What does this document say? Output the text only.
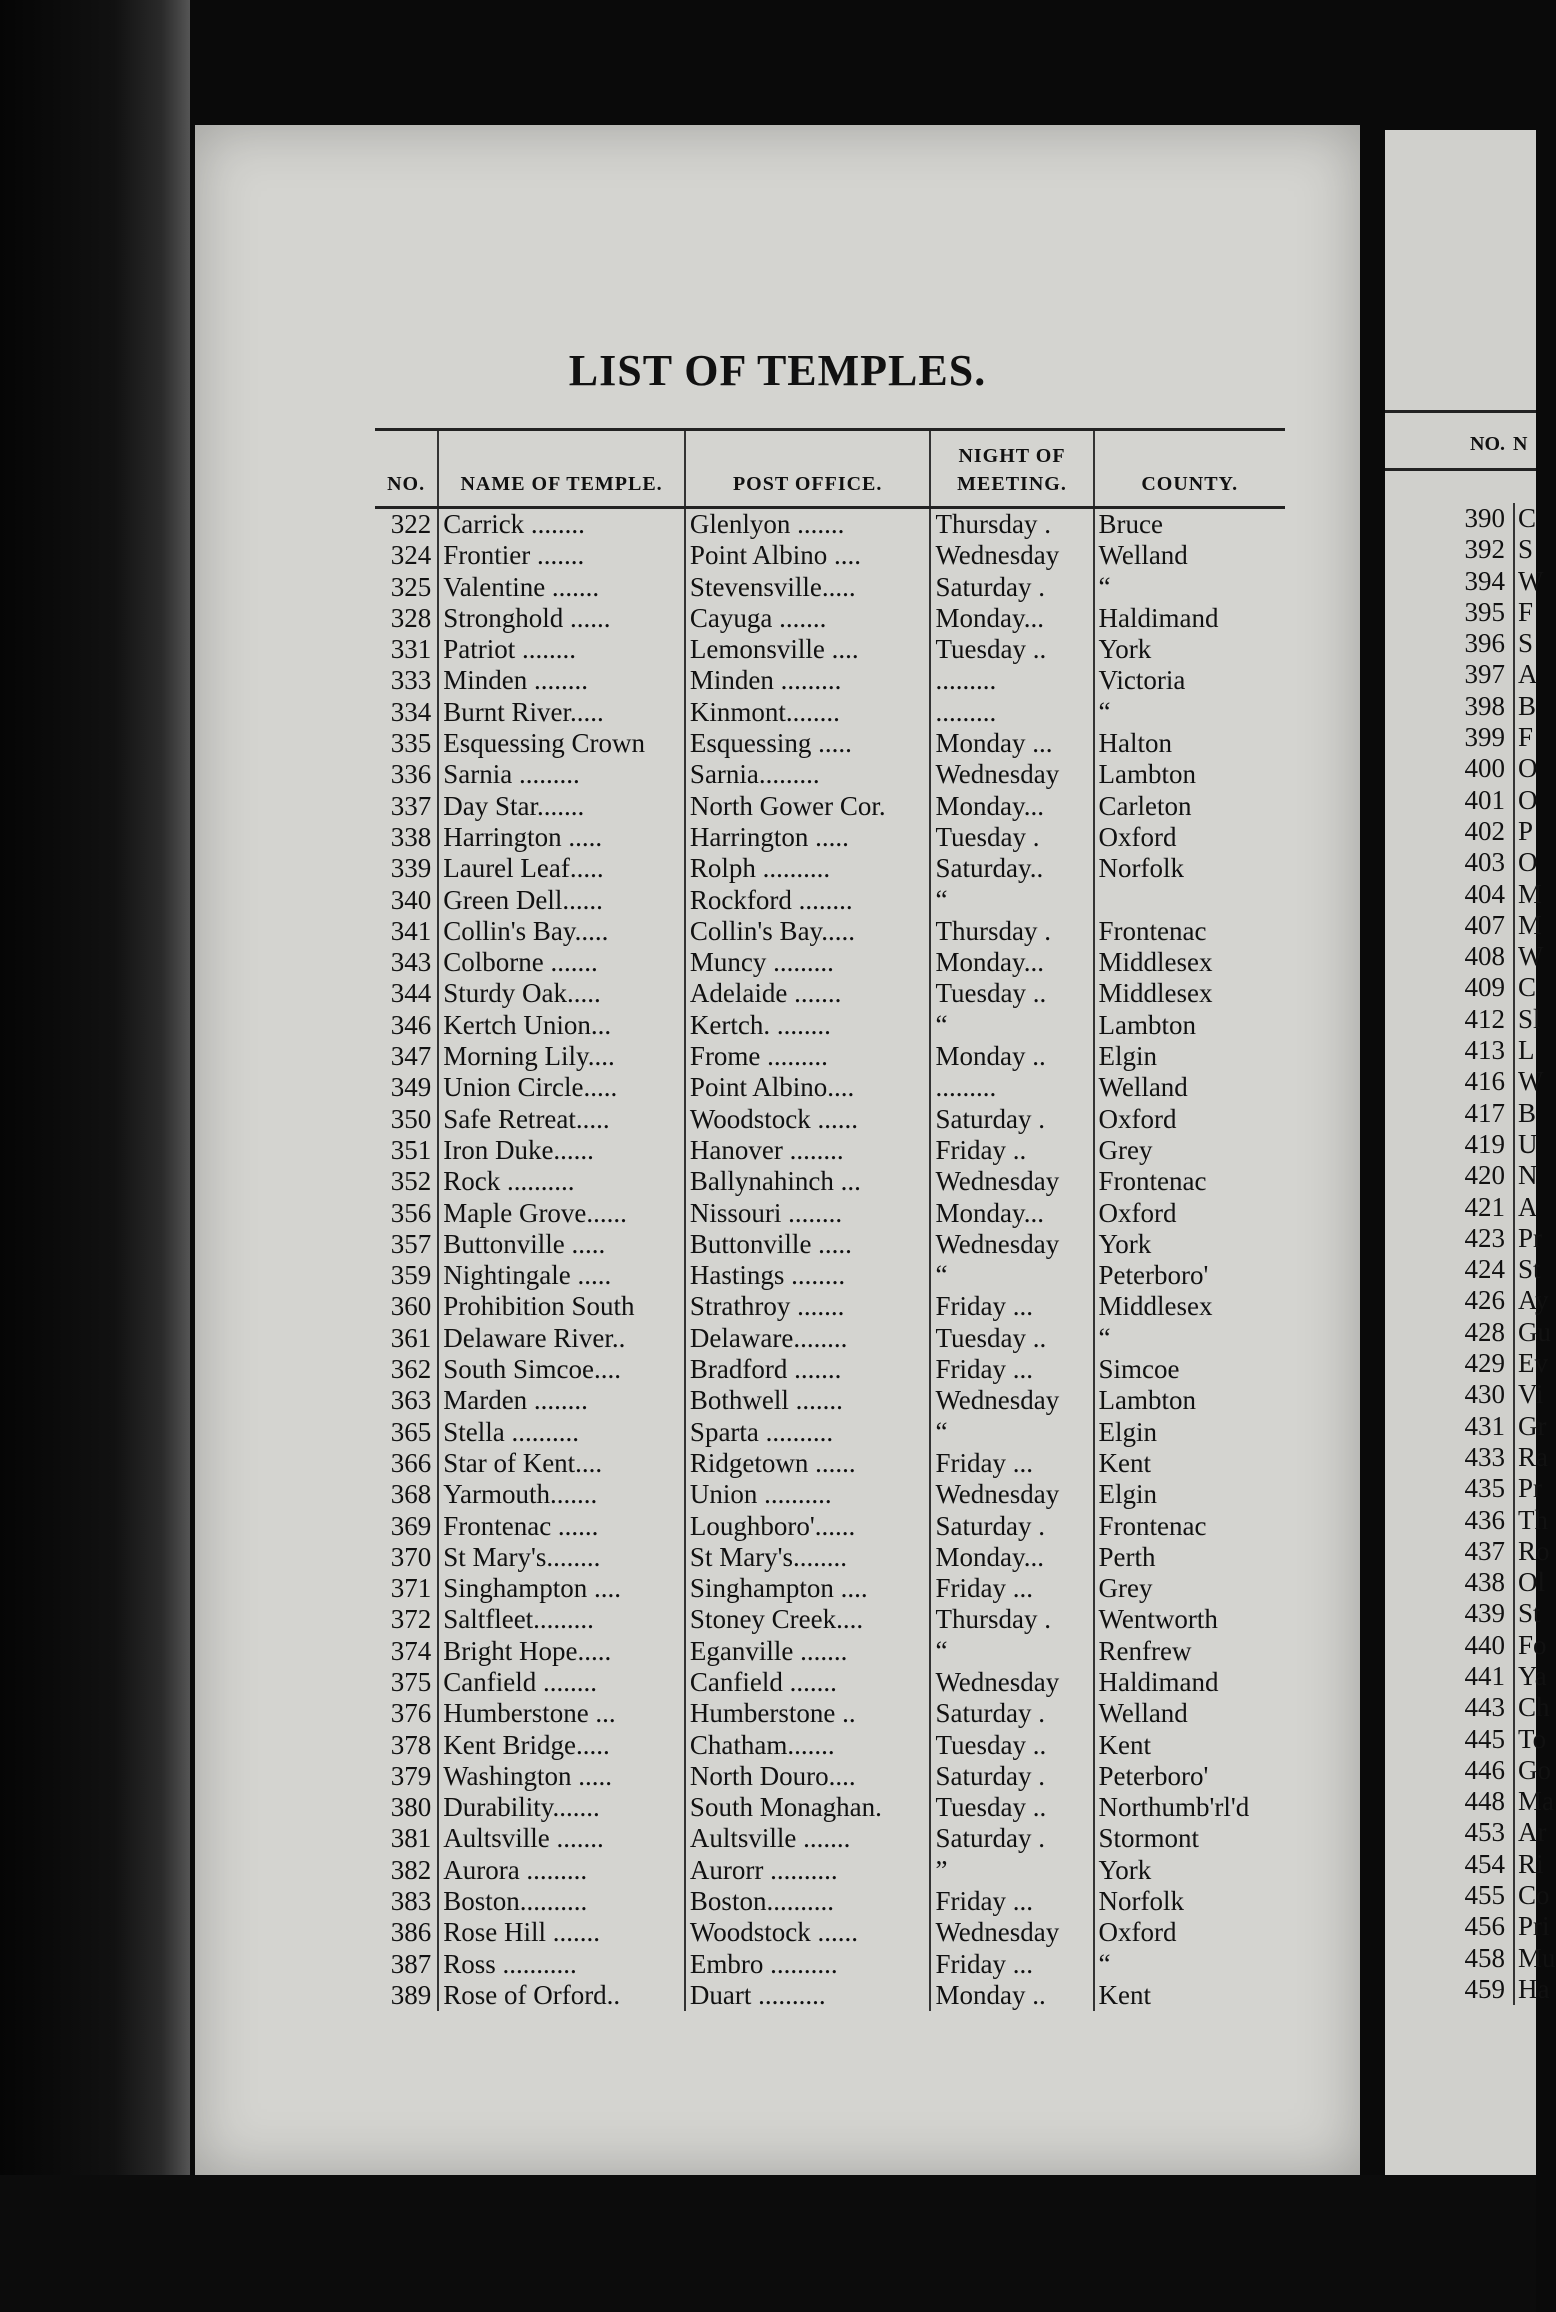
NO. N
390 C
392 S
394 W
395 F
396 S
397 A
398 B
399 F
400 O
401 O
402 P
403 O
404 M
407 M
408 W
409 C
412 Sl
413 L
416 W
417 B
419 U
420 N
421 A
423 Pr
424 St
426 Ay
428 Gu
429 Ev
430 Vi
431 Gr
433 Ra
435 Pr
436 Th
437 Ro
438 Ol
439 St
440 Fo
441 Ya
443 Ch
445 To
446 Go
448 Ma
453 Ar
454 Ri
455 Co
456 Pri
458 Mu
459 Ha
LIST OF TEMPLES.
NO.	NAME OF TEMPLE.	POST OFFICE.	NIGHT OF MEETING.	COUNTY.
322	Carrick ........	Glenlyon .......	Thursday .	Bruce
324	Frontier .......	Point Albino ....	Wednesday	Welland
325	Valentine .......	Stevensville.....	Saturday .	“
328	Stronghold ......	Cayuga .......	Monday...	Haldimand
331	Patriot ........	Lemonsville ....	Tuesday ..	York
333	Minden ........	Minden .........	.........	Victoria
334	Burnt River.....	Kinmont........	.........	“
335	Esquessing Crown	Esquessing .....	Monday ...	Halton
336	Sarnia .........	Sarnia.........	Wednesday	Lambton
337	Day Star.......	North Gower Cor.	Monday...	Carleton
338	Harrington .....	Harrington .....	Tuesday .	Oxford
339	Laurel Leaf.....	Rolph ..........	Saturday..	Norfolk
340	Green Dell......	Rockford ........	“	
341	Collin's Bay.....	Collin's Bay.....	Thursday .	Frontenac
343	Colborne .......	Muncy .........	Monday...	Middlesex
344	Sturdy Oak.....	Adelaide .......	Tuesday ..	Middlesex
346	Kertch Union...	Kertch. ........	“	Lambton
347	Morning Lily....	Frome .........	Monday ..	Elgin
349	Union Circle.....	Point Albino....	.........	Welland
350	Safe Retreat.....	Woodstock ......	Saturday .	Oxford
351	Iron Duke......	Hanover ........	Friday ..	Grey
352	Rock ..........	Ballynahinch ...	Wednesday	Frontenac
356	Maple Grove......	Nissouri ........	Monday...	Oxford
357	Buttonville .....	Buttonville .....	Wednesday	York
359	Nightingale .....	Hastings ........	“	Peterboro'
360	Prohibition South	Strathroy .......	Friday ...	Middlesex
361	Delaware River..	Delaware........	Tuesday ..	“
362	South Simcoe....	Bradford .......	Friday ...	Simcoe
363	Marden ........	Bothwell .......	Wednesday	Lambton
365	Stella ..........	Sparta ..........	“	Elgin
366	Star of Kent....	Ridgetown ......	Friday ...	Kent
368	Yarmouth.......	Union ..........	Wednesday	Elgin
369	Frontenac ......	Loughboro'......	Saturday .	Frontenac
370	St Mary's........	St Mary's........	Monday...	Perth
371	Singhampton ....	Singhampton ....	Friday ...	Grey
372	Saltfleet.........	Stoney Creek....	Thursday .	Wentworth
374	Bright Hope.....	Eganville .......	“	Renfrew
375	Canfield ........	Canfield .......	Wednesday	Haldimand
376	Humberstone ...	Humberstone ..	Saturday .	Welland
378	Kent Bridge.....	Chatham.......	Tuesday ..	Kent
379	Washington .....	North Douro....	Saturday .	Peterboro'
380	Durability.......	South Monaghan.	Tuesday ..	Northumb'rl'd
381	Aultsville .......	Aultsville .......	Saturday .	Stormont
382	Aurora .........	Aurorr ..........	”	York
383	Boston..........	Boston..........	Friday ...	Norfolk
386	Rose Hill .......	Woodstock ......	Wednesday	Oxford
387	Ross ...........	Embro ..........	Friday ...	“
389	Rose of Orford..	Duart ..........	Monday ..	Kent
